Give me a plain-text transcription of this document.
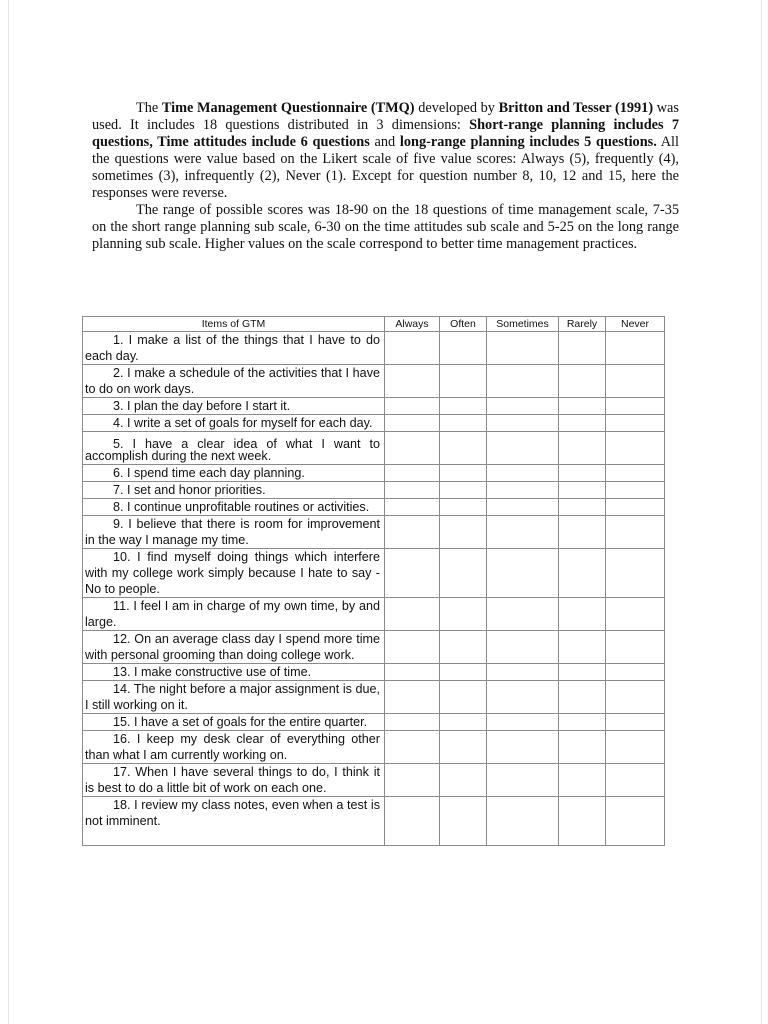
The Time Management Questionnaire (TMQ) developed by Britton and Tesser (1991) was used. It includes 18 questions distributed in 3 dimensions: Short-range planning includes 7 questions, Time attitudes include 6 questions and long-range planning includes 5 questions. All the questions were value based on the Likert scale of five value scores: Always (5), frequently (4), sometimes (3), infrequently (2), Never (1). Except for question number 8, 10, 12 and 15, here the responses were reverse.

The range of possible scores was 18-90 on the 18 questions of time management scale, 7-35 on the short range planning sub scale, 6-30 on the time attitudes sub scale and 5-25 on the long range planning sub scale. Higher values on the scale correspond to better time management practices.

Items of GTM	Always	Often	Sometimes	Rarely	Never
1. I make a list of the things that I have to do each day.					
2. I make a schedule of the activities that I have to do on work days.					
3. I plan the day before I start it.					
4. I write a set of goals for myself for each day.					
5. I have a clear idea of what I want to accomplish during the next week.					
6. I spend time each day planning.					
7. I set and honor priorities.					
8. I continue unprofitable routines or activities.					
9. I believe that there is room for improvement in the way I manage my time.					
10. I find myself doing things which interfere with my college work simply because I hate to say -No to people.					
11. I feel I am in charge of my own time, by and large.					
12. On an average class day I spend more time with personal grooming than doing college work.					
13. I make constructive use of time.					
14. The night before a major assignment is due, I still working on it.					
15. I have a set of goals for the entire quarter.					
16. I keep my desk clear of everything other than what I am currently working on.					
17. When I have several things to do, I think it is best to do a little bit of work on each one.					
18. I review my class notes, even when a test is not imminent.					
